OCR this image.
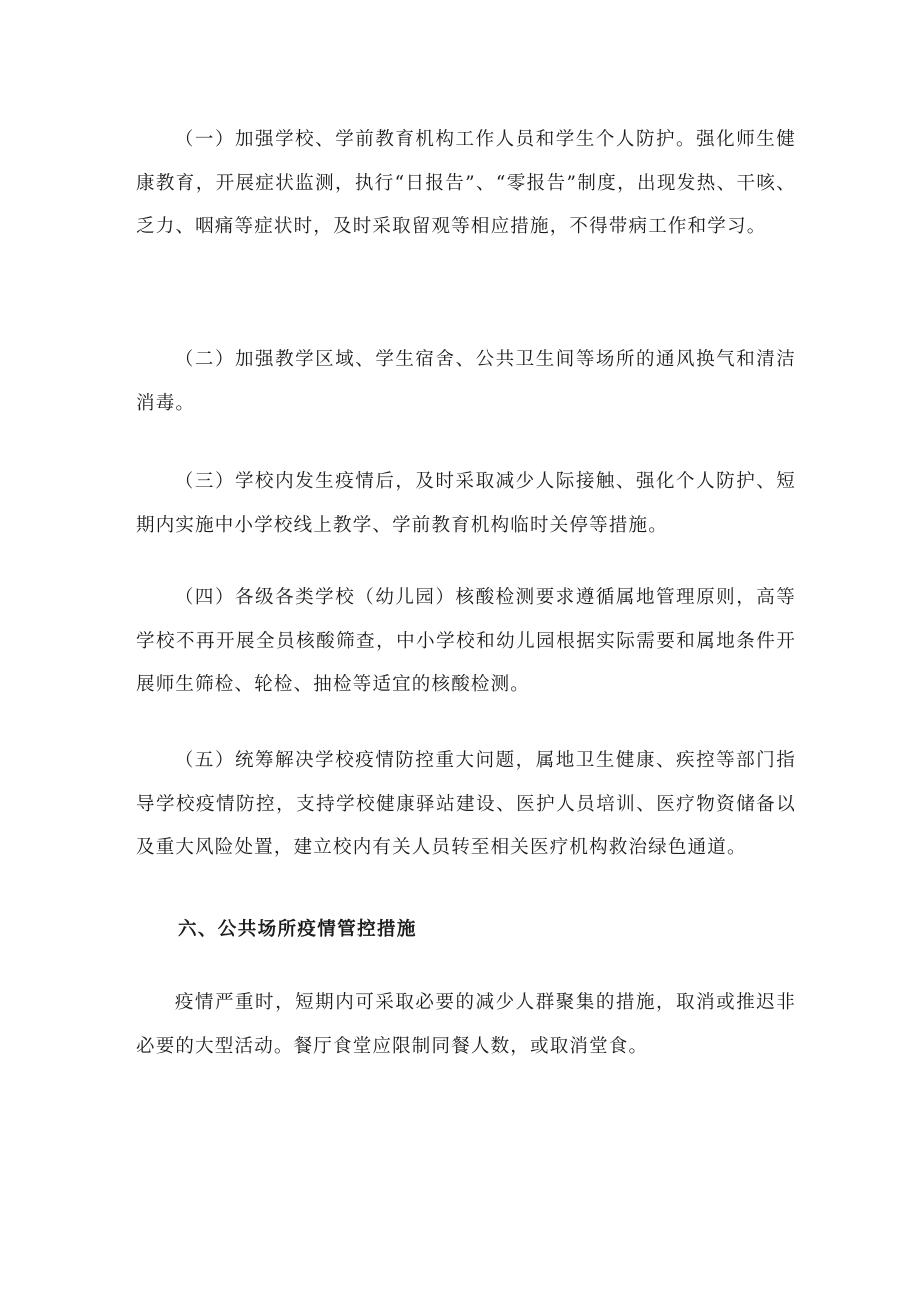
（一）加强学校、学前教育机构工作人员和学生个人防护。强化师生健康教育，开展症状监测，执行“日报告”、“零报告”制度，出现发热、干咳、乏力、咽痛等症状时，及时采取留观等相应措施，不得带病工作和学习。

（二）加强教学区域、学生宿舍、公共卫生间等场所的通风换气和清洁消毒。

（三）学校内发生疫情后，及时采取减少人际接触、强化个人防护、短期内实施中小学校线上教学、学前教育机构临时关停等措施。

（四）各级各类学校（幼儿园）核酸检测要求遵循属地管理原则，高等学校不再开展全员核酸筛查，中小学校和幼儿园根据实际需要和属地条件开展师生筛检、轮检、抽检等适宜的核酸检测。

（五）统筹解决学校疫情防控重大问题，属地卫生健康、疾控等部门指导学校疫情防控，支持学校健康驿站建设、医护人员培训、医疗物资储备以及重大风险处置，建立校内有关人员转至相关医疗机构救治绿色通道。

六、公共场所疫情管控措施

疫情严重时，短期内可采取必要的减少人群聚集的措施，取消或推迟非必要的大型活动。餐厅食堂应限制同餐人数，或取消堂食。
